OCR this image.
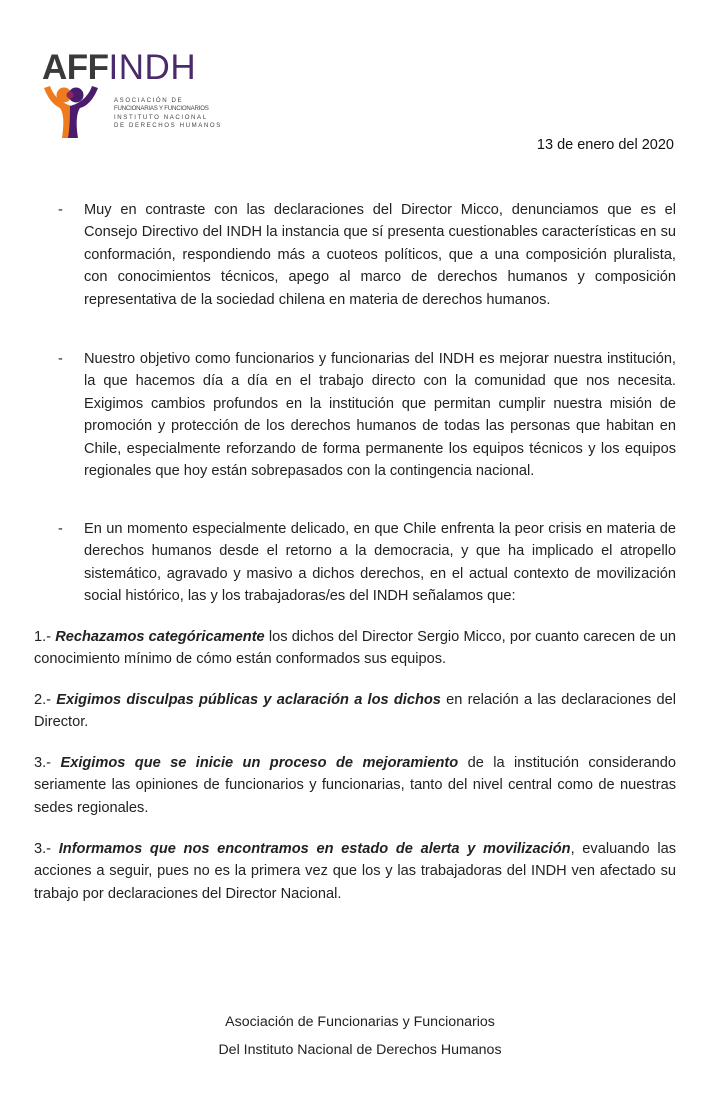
AFFINDH
ASOCIACIÓN DE
FUNCIONARIAS Y FUNCIONARIOS
INSTITUTO NACIONAL
DE DERECHOS HUMANOS
13 de enero del 2020
- Muy en contraste con las declaraciones del Director Micco, denunciamos que es el Consejo Directivo del INDH la instancia que sí presenta cuestionables características en su conformación, respondiendo más a cuoteos políticos, que a una composición pluralista, con conocimientos técnicos, apego al marco de derechos humanos y composición representativa de la sociedad chilena en materia de derechos humanos.
- Nuestro objetivo como funcionarios y funcionarias del INDH es mejorar nuestra institución, la que hacemos día a día en el trabajo directo con la comunidad que nos necesita. Exigimos cambios profundos en la institución que permitan cumplir nuestra misión de promoción y protección de los derechos humanos de todas las personas que habitan en Chile, especialmente reforzando de forma permanente los equipos técnicos y los equipos regionales que hoy están sobrepasados con la contingencia nacional.
- En un momento especialmente delicado, en que Chile enfrenta la peor crisis en materia de derechos humanos desde el retorno a la democracia, y que ha implicado el atropello sistemático, agravado y masivo a dichos derechos, en el actual contexto de movilización social histórico, las y los trabajadoras/es del INDH señalamos que:
1.- Rechazamos categóricamente los dichos del Director Sergio Micco, por cuanto carecen de un conocimiento mínimo de cómo están conformados sus equipos.
2.- Exigimos disculpas públicas y aclaración a los dichos en relación a las declaraciones del Director.
3.- Exigimos que se inicie un proceso de mejoramiento de la institución considerando seriamente las opiniones de funcionarios y funcionarias, tanto del nivel central como de nuestras sedes regionales.
3.- Informamos que nos encontramos en estado de alerta y movilización, evaluando las acciones a seguir, pues no es la primera vez que los y las trabajadoras del INDH ven afectado su trabajo por declaraciones del Director Nacional.
Asociación de Funcionarias y Funcionarios
Del Instituto Nacional de Derechos Humanos
